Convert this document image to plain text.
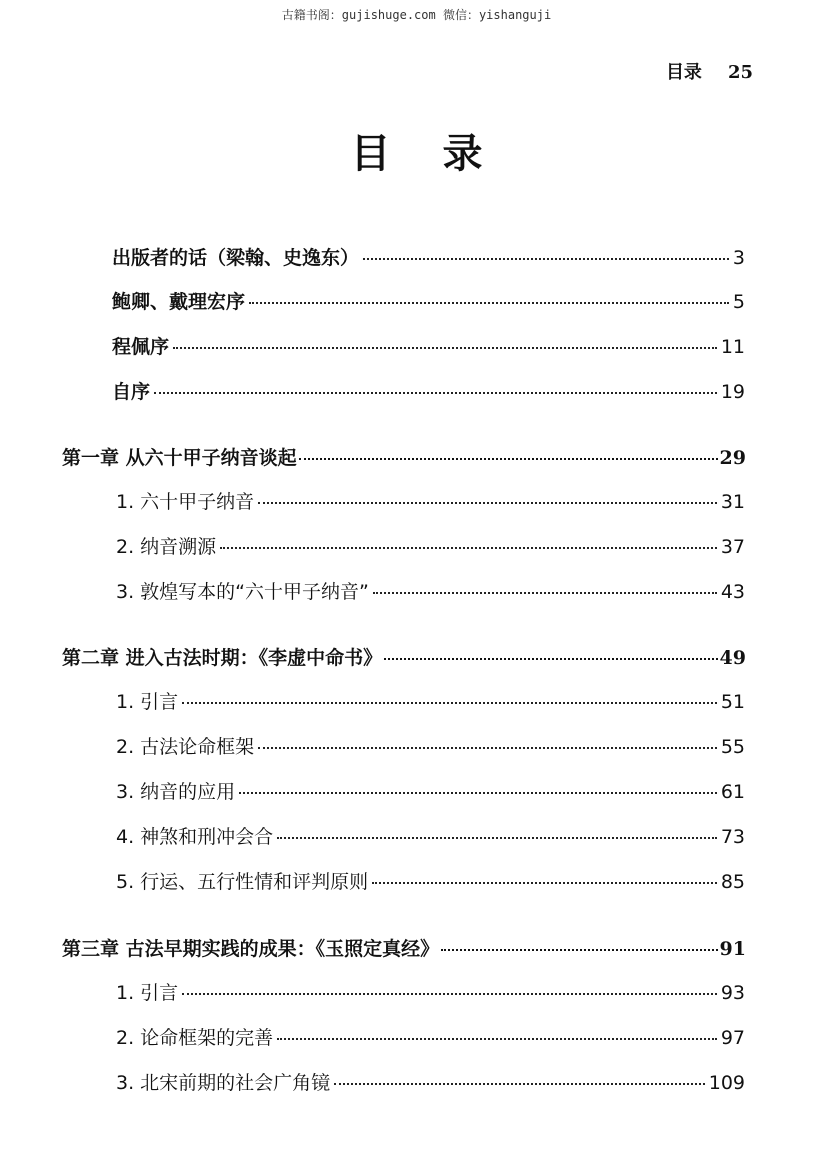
古籍书阁：gujishuge.com 微信：yishanguji
目录 25
目录
出版者的话（梁翰、史逸东）	3
鲍卿、戴理宏序	5
程佩序	11
自序	19
第一章 从六十甲子纳音谈起	29
1. 六十甲子纳音	31
2. 纳音溯源	37
3. 敦煌写本的“六十甲子纳音”	43
第二章 进入古法时期：《李虚中命书》	49
1. 引言	51
2. 古法论命框架	55
3. 纳音的应用	61
4. 神煞和刑冲会合	73
5. 行运、五行性情和评判原则	85
第三章 古法早期实践的成果：《玉照定真经》	91
1. 引言	93
2. 论命框架的完善	97
3. 北宋前期的社会广角镜	109
